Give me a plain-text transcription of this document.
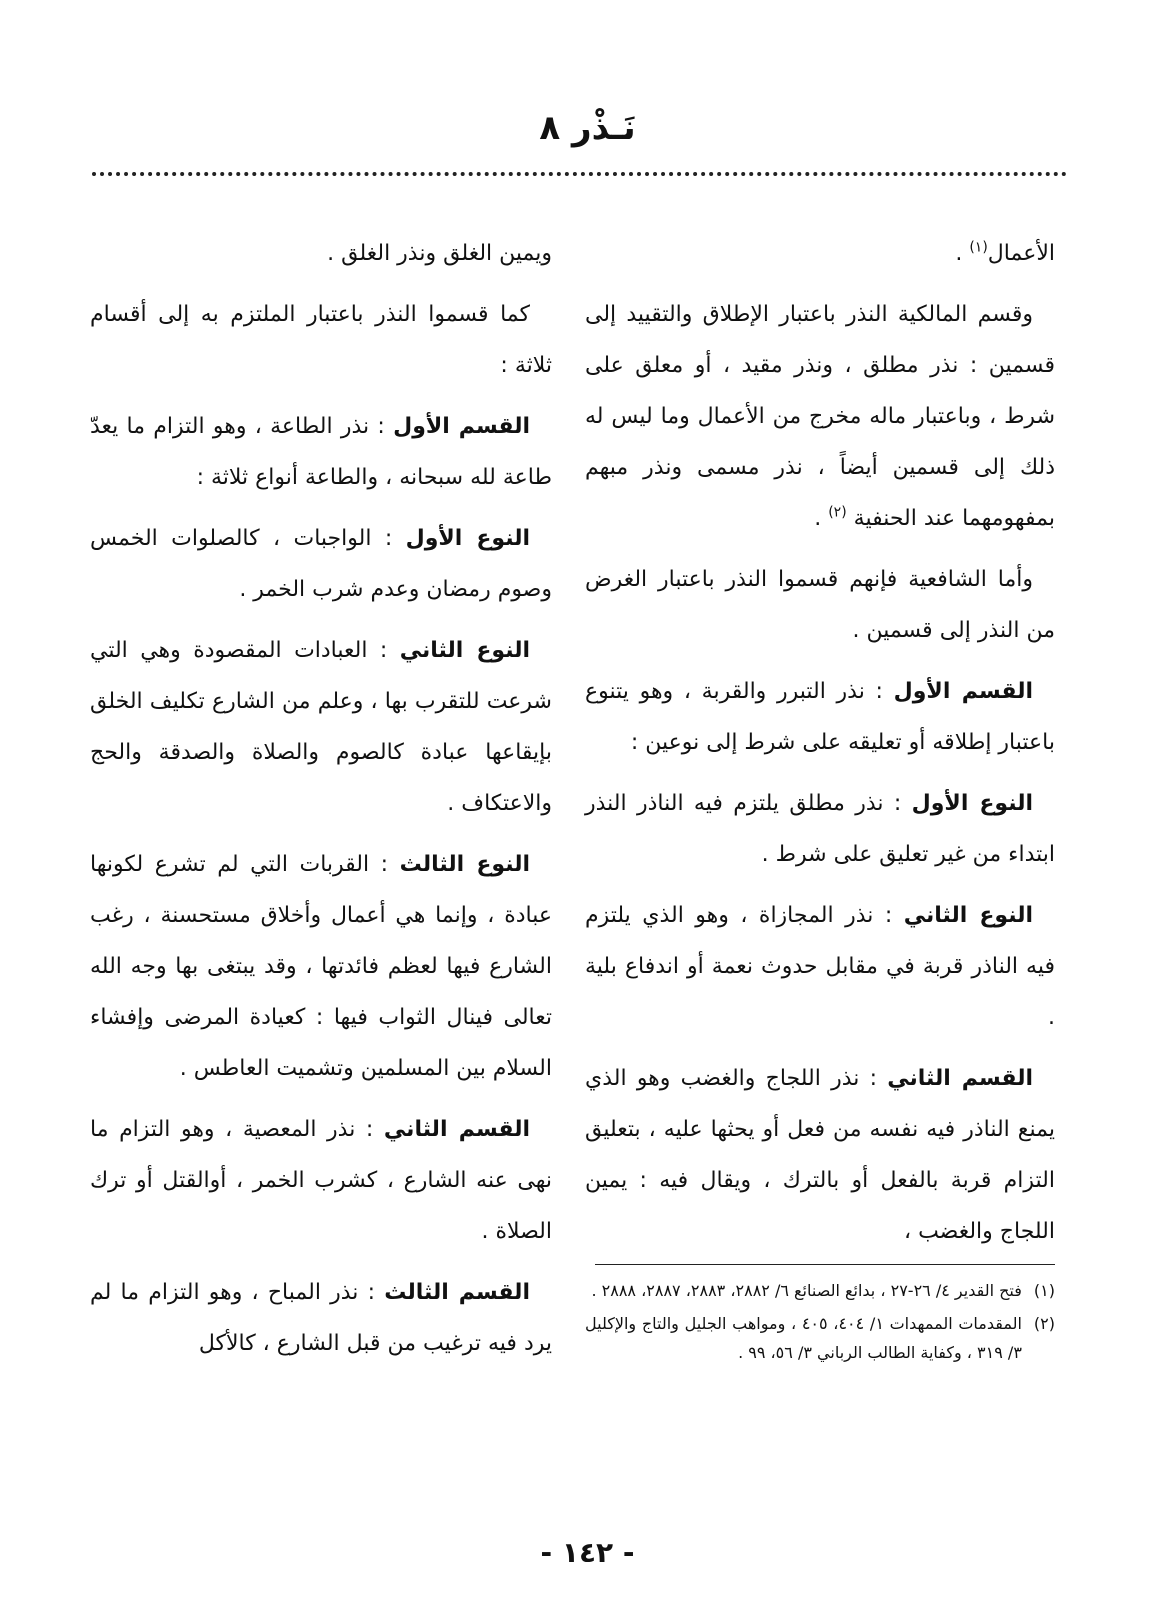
نَـذْر ٨

الأعمال$^{(١)}$ .

وقسم المالكية النذر باعتبار الإطلاق والتقييد إلى قسمين : نذر مطلق ، ونذر مقيد ، أو معلق على شرط ، وباعتبار ماله مخرج من الأعمال وما ليس له ذلك إلى قسمين أيضاً ، نذر مسمى ونذر مبهم بمفهومهما عند الحنفية $^{(٢)}$ .

وأما الشافعية فإنهم قسموا النذر باعتبار الغرض من النذر إلى قسمين .

القسم الأول : نذر التبرر والقربة ، وهو يتنوع باعتبار إطلاقه أو تعليقه على شرط إلى نوعين :

النوع الأول : نذر مطلق يلتزم فيه الناذر النذر ابتداء من غير تعليق على شرط .

النوع الثاني : نذر المجازاة ، وهو الذي يلتزم فيه الناذر قربة في مقابل حدوث نعمة أو اندفاع بلية .

القسم الثاني : نذر اللجاج والغضب وهو الذي يمنع الناذر فيه نفسه من فعل أو يحثها عليه ، بتعليق التزام قربة بالفعل أو بالترك ، ويقال فيه : يمين اللجاج والغضب ،

ويمين الغلق ونذر الغلق .

كما قسموا النذر باعتبار الملتزم به إلى أقسام ثلاثة :

القسم الأول : نذر الطاعة ، وهو التزام ما يعدّ طاعة لله سبحانه ، والطاعة أنواع ثلاثة :

النوع الأول : الواجبات ، كالصلوات الخمس وصوم رمضان وعدم شرب الخمر .

النوع الثاني : العبادات المقصودة وهي التي شرعت للتقرب بها ، وعلم من الشارع تكليف الخلق بإيقاعها عبادة كالصوم والصلاة والصدقة والحج والاعتكاف .

النوع الثالث : القربات التي لم تشرع لكونها عبادة ، وإنما هي أعمال وأخلاق مستحسنة ، رغب الشارع فيها لعظم فائدتها ، وقد يبتغى بها وجه الله تعالى فينال الثواب فيها : كعيادة المرضى وإفشاء السلام بين المسلمين وتشميت العاطس .

القسم الثاني : نذر المعصية ، وهو التزام ما نهى عنه الشارع ، كشرب الخمر ، أوالقتل أو ترك الصلاة .

القسم الثالث : نذر المباح ، وهو التزام ما لم يرد فيه ترغيب من قبل الشارع ، كالأكل

(١)
فتح القدير ٤/ ٢٦-٢٧ ، بدائع الصنائع ٦/ ٢٨٨٢، ٢٨٨٣، ٢٨٨٧، ٢٨٨٨ .
(٢)
المقدمات الممهدات ١/ ٤٠٤، ٤٠٥ ، ومواهب الجليل والتاج والإكليل ٣/ ٣١٩ ، وكفاية الطالب الرباني ٣/ ٥٦، ٩٩ .
- ١٤٢ -
